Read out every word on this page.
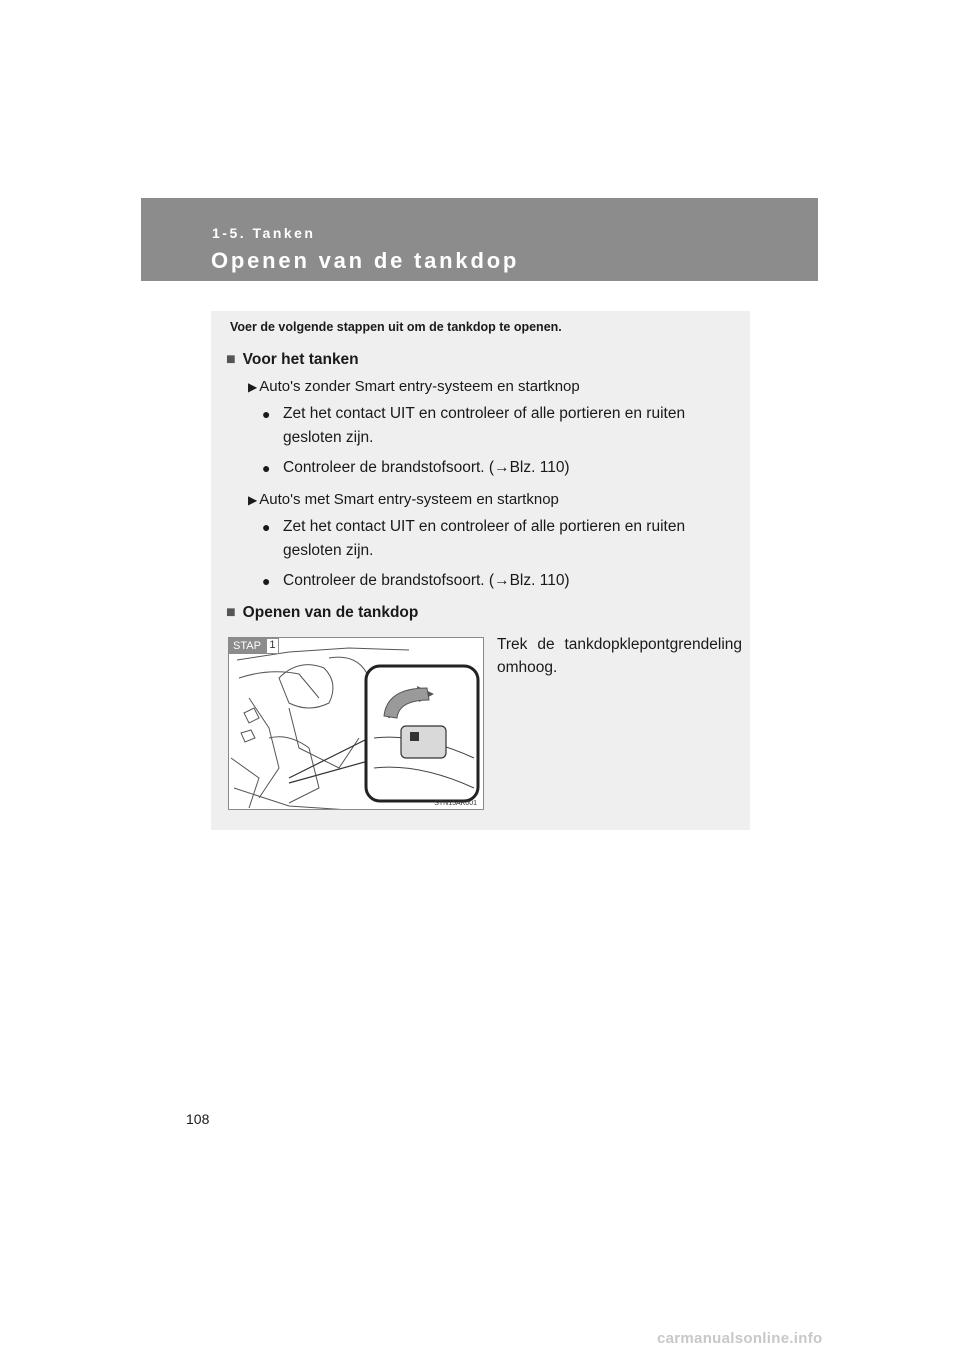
1-5. Tanken
Openen van de tankdop
Voer de volgende stappen uit om de tankdop te openen.
■ Voor het tanken
▶ Auto's zonder Smart entry-systeem en startknop
● Zet het contact UIT en controleer of alle portieren en ruiten gesloten zijn.
● Controleer de brandstofsoort. (→Blz. 110)
▶ Auto's met Smart entry-systeem en startknop
● Zet het contact UIT en controleer of alle portieren en ruiten gesloten zijn.
● Controleer de brandstofsoort. (→Blz. 110)
■ Openen van de tankdop
STAP 1
STN15AK001
Trek de tankdopklepontgrendeling omhoog.
108
carmanualsonline.info
